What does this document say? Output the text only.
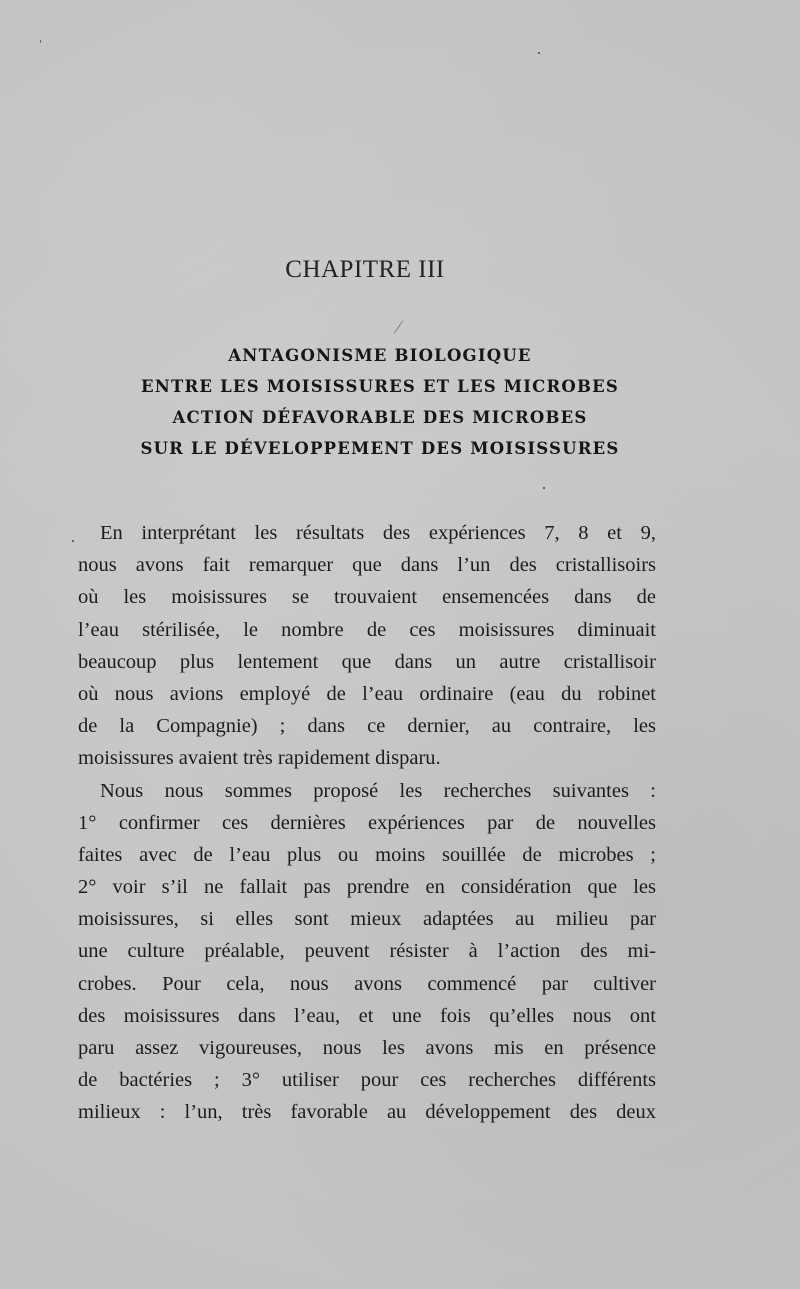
CHAPITRE III
ANTAGONISME BIOLOGIQUE
ENTRE LES MOISISSURES ET LES MICROBES
ACTION DÉFAVORABLE DES MICROBES
SUR LE DÉVELOPPEMENT DES MOISISSURES
En interprétant les résultats des expériences 7, 8 et 9,
nous avons fait remarquer que dans l’un des cristallisoirs
où les moisissures se trouvaient ensemencées dans de
l’eau stérilisée, le nombre de ces moisissures diminuait
beaucoup plus lentement que dans un autre cristallisoir
où nous avions employé de l’eau ordinaire (eau du robinet
de la Compagnie) ; dans ce dernier, au contraire, les
moisissures avaient très rapidement disparu.
Nous nous sommes proposé les recherches suivantes :
1° confirmer ces dernières expériences par de nouvelles
faites avec de l’eau plus ou moins souillée de microbes ;
2° voir s’il ne fallait pas prendre en considération que les
moisissures, si elles sont mieux adaptées au milieu par
une culture préalable, peuvent résister à l’action des mi-
crobes. Pour cela, nous avons commencé par cultiver
des moisissures dans l’eau, et une fois qu’elles nous ont
paru assez vigoureuses, nous les avons mis en présence
de bactéries ; 3° utiliser pour ces recherches différents
milieux : l’un, très favorable au développement des deux
